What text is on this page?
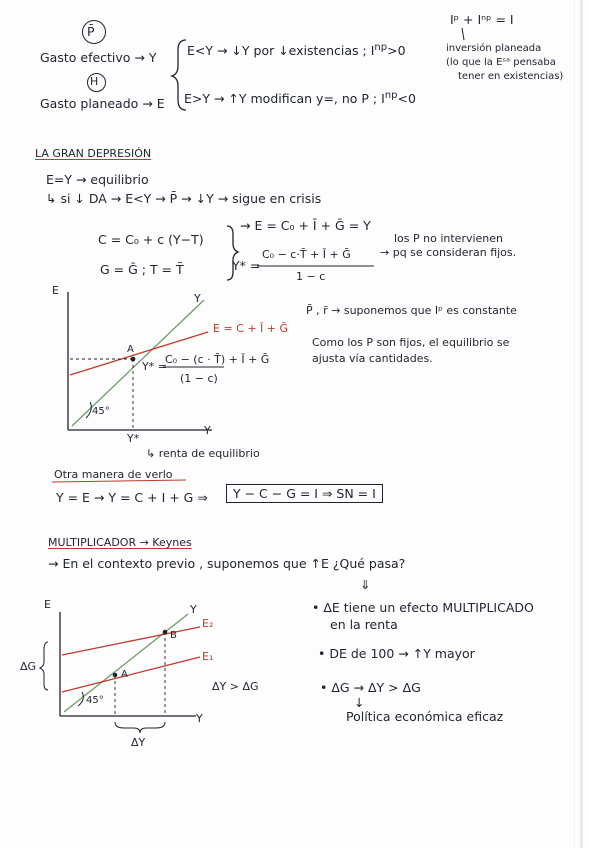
P̄
H
Gasto efectivo → Y E<Y → ↓Y por ↓existencias ; $I^{np}>0$
Gasto planeado → E E>Y → ↑Y modifican y=, no P ; $I^{np}<0$
Iᵖ + Iⁿᵖ = I
inversión planeada
(lo que la Eˢᵃ pensaba
tener en existencias)
LA GRAN DEPRESIÓN
E=Y → equilibrio
↳ si ↓ DA → E<Y → P̄ → ↓Y → sigue en crisis
C = C₀ + c (Y−T)
G = Ḡ ; T = T̄
→ E = C₀ + Ī + Ḡ = Y
Y* =
C₀ − c·T̄ + Ī + Ḡ
1 − c
los P no intervienen
→ pq se consideran fijos.
E
Y
E = C + Ī + Ḡ
A
Y* =
C₀ − (c · T̄) + Ī + Ḡ
(1 − c)
45°
Y
Y*
↳ renta de equilibrio
P̄ , r̄ → suponemos que Iᵖ es constante
Como los P son fijos, el equilibrio se
ajusta vía cantidades.
Otra manera de verlo
Y = E → Y = C + I + G ⇒	Y − C − G = I ⇒ SN = I
MULTIPLICADOR → Keynes
→ En el contexto previo , suponemos que ↑E ¿Qué pasa?
⇓
• ΔE tiene un efecto MULTIPLICADO
en la renta
• DE de 100 → ↑Y mayor
• ΔG → ΔY > ΔG
↓
Política económica eficaz
E	Y
E₂
E₁
A
B
ΔG
45°
Y
ΔY
ΔY > ΔG
